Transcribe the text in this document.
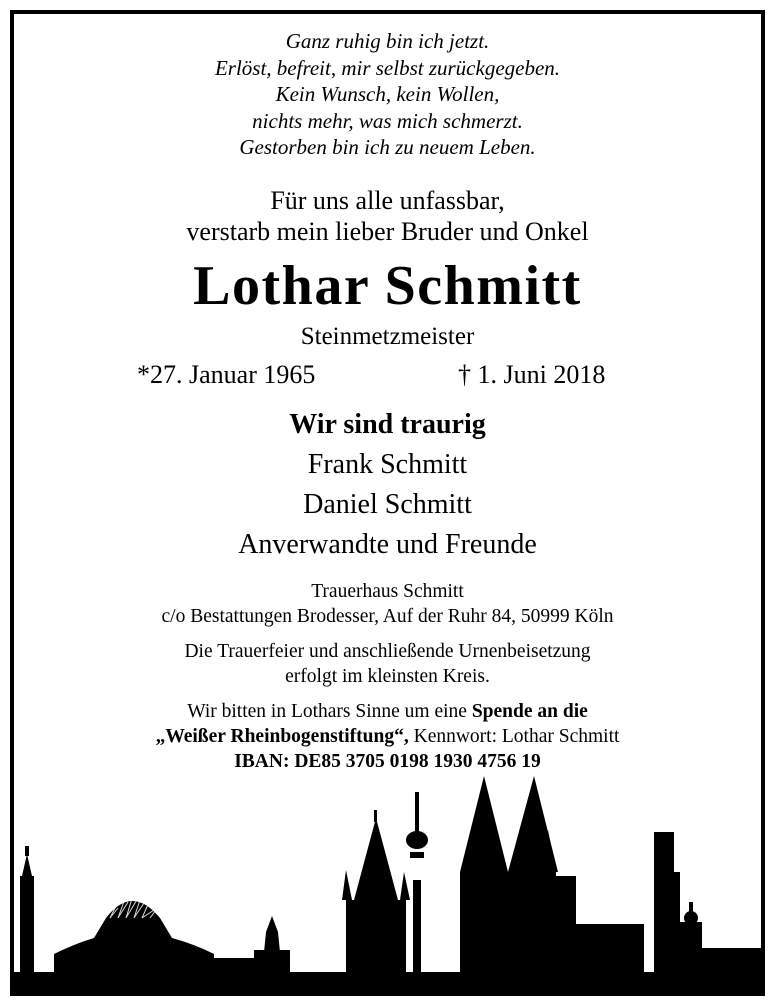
Ganz ruhig bin ich jetzt.
Erlöst, befreit, mir selbst zurückgegeben.
Kein Wunsch, kein Wollen,
nichts mehr, was mich schmerzt.
Gestorben bin ich zu neuem Leben.
Für uns alle unfassbar,
verstarb mein lieber Bruder und Onkel
Lothar Schmitt
Steinmetzmeister
*27. Januar 1965	† 1. Juni 2018
Wir sind traurig
Frank Schmitt
Daniel Schmitt
Anverwandte und Freunde
Trauerhaus Schmitt
c/o Bestattungen Brodesser, Auf der Ruhr 84, 50999 Köln
Die Trauerfeier und anschließende Urnenbeisetzung
erfolgt im kleinsten Kreis.
Wir bitten in Lothars Sinne um eine Spende an die
„Weißer Rheinbogenstiftung“, Kennwort: Lothar Schmitt
IBAN: DE85 3705 0198 1930 4756 19
